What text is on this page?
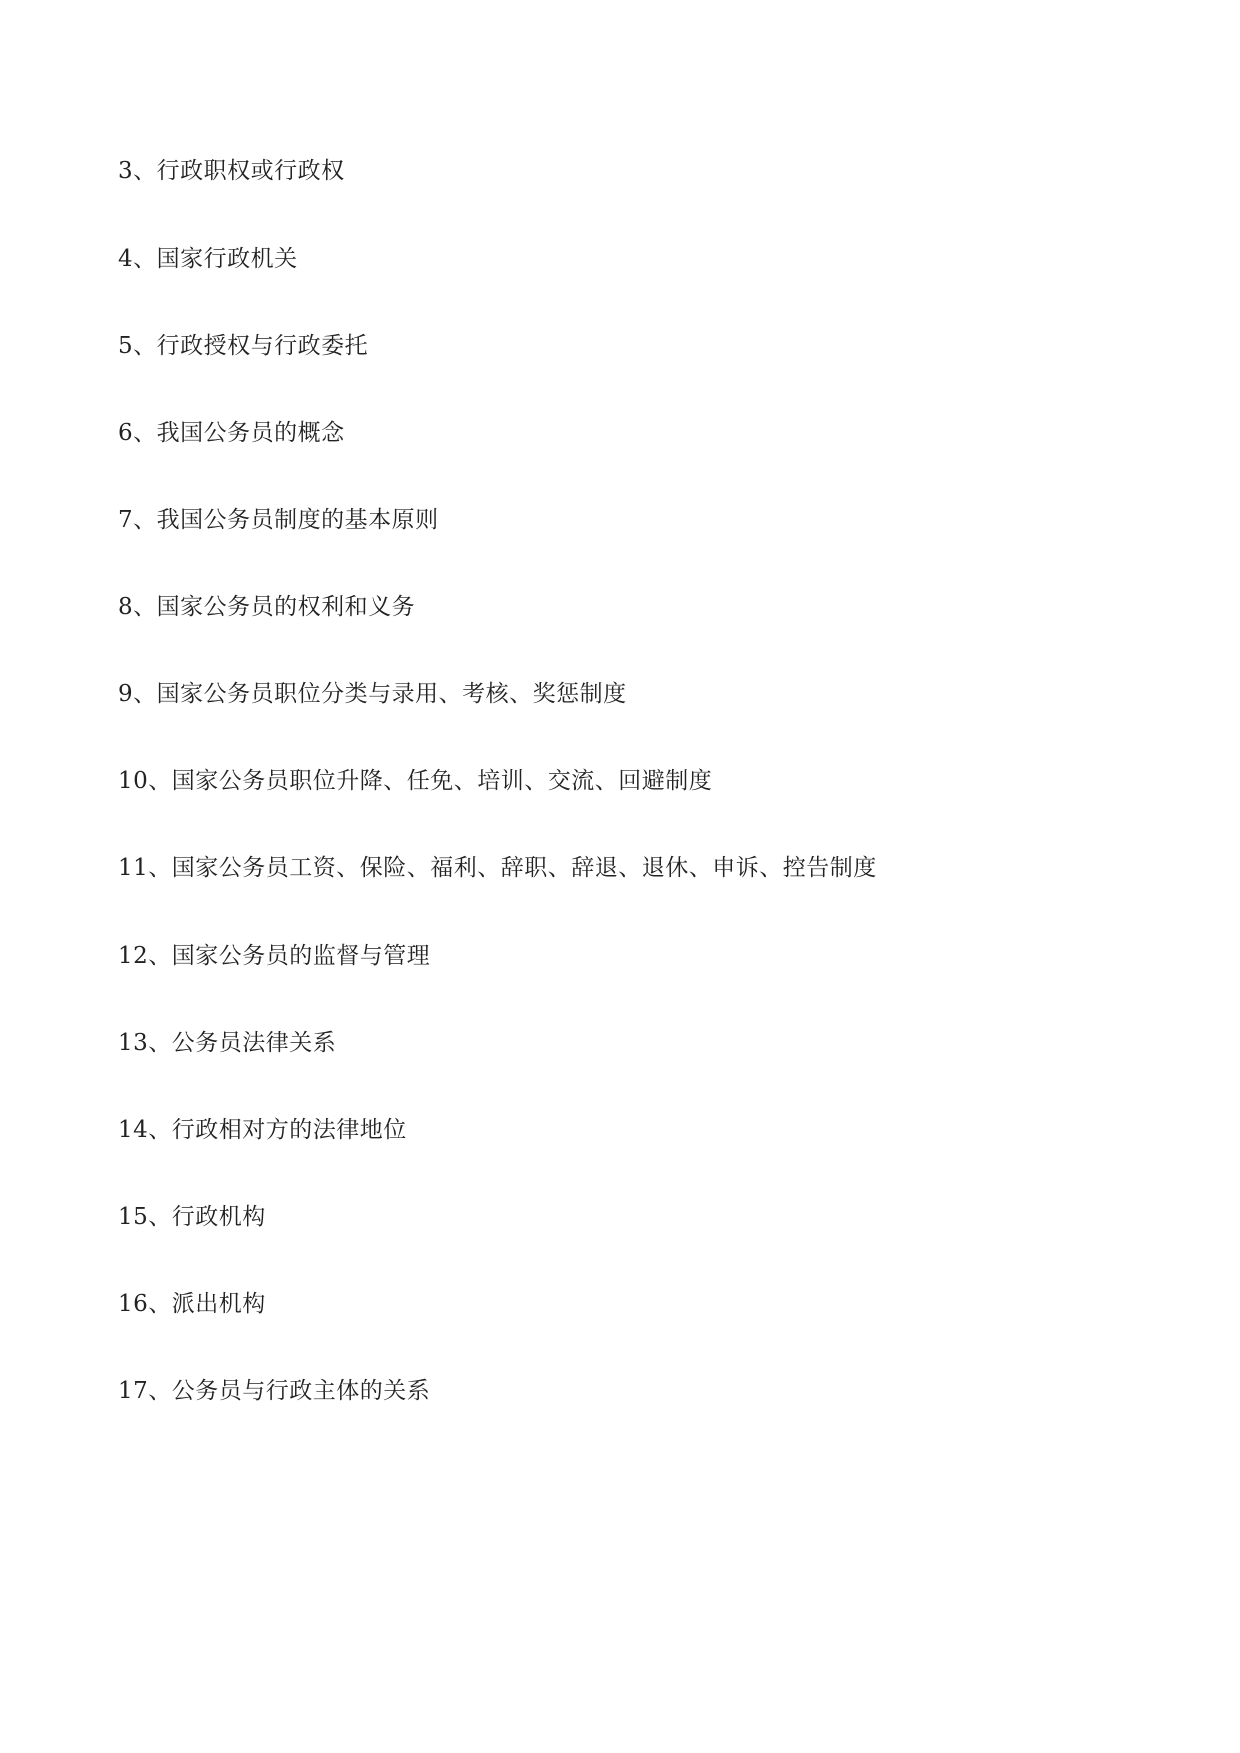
3、行政职权或行政权
4、国家行政机关
5、行政授权与行政委托
6、我国公务员的概念
7、我国公务员制度的基本原则
8、国家公务员的权利和义务
9、国家公务员职位分类与录用、考核、奖惩制度
10、国家公务员职位升降、任免、培训、交流、回避制度
11、国家公务员工资、保险、福利、辞职、辞退、退休、申诉、控告制度
12、国家公务员的监督与管理
13、公务员法律关系
14、行政相对方的法律地位
15、行政机构
16、派出机构
17、公务员与行政主体的关系
